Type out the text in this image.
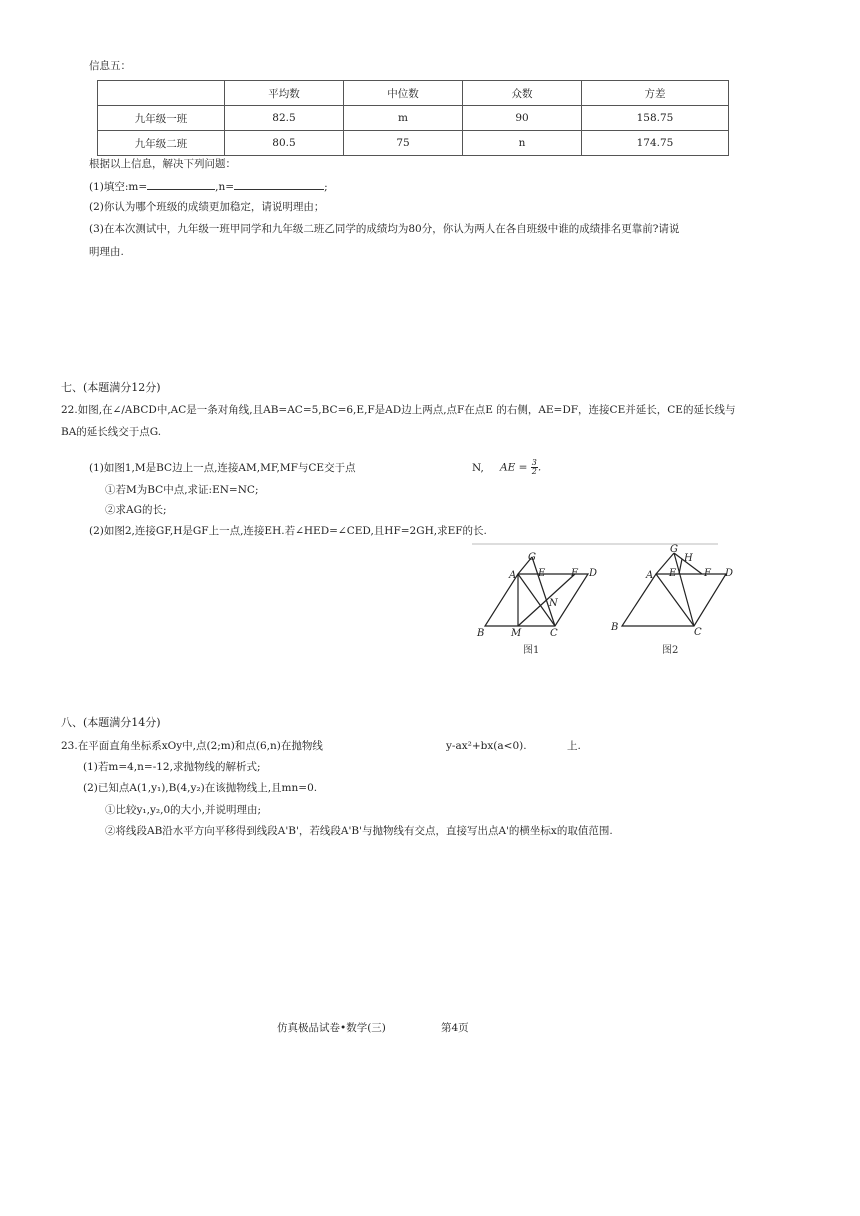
信息五：
	平均数	中位数	众数	方差
九年级一班	82.5	m	90	158.75
九年级二班	80.5	75	n	174.75
根据以上信息，解决下列问题：
(1)填空:m=	,n=	;
(2)你认为哪个班级的成绩更加稳定，请说明理由；
(3)在本次测试中，九年级一班甲同学和九年级二班乙同学的成绩均为80分，你认为两人在各自班级中谁的成绩排名更靠前?请说
明理由.
七、(本题满分12分)
22.如图,在∠/ABCD中,AC是一条对角线,且AB=AC=5,BC=6,E,F是AD边上两点,点F在点E 的右侧，AE=DF，连接CE并延长，CE的延长线与
BA的延长线交于点G.
(1)如图1,M是BC边上一点,连接AM,MF,MF与CE交于点	N, AE = $\frac{3}{2}$ .
①若M为BC中点,求证:EN=NC;
②求AG的长;
(2)如图2,连接GF,H是GF上一点,连接EH.若∠HED=∠CED,且HF=2GH,求EF的长.
G
A E	F D
N
B	M	C
图1
G
H
A E	F D
B	C
图2
八、(本题满分14分)
23.在平面直角坐标系xOy中,点(2;m)和点(6,n)在抛物线	y-ax²+bx(a<0).	上.
(1)若m=4,n=-12,求抛物线的解析式;
(2)已知点A(1,y₁),B(4,y₂)在该抛物线上,且mn=0.
①比较y₁,y₂,0的大小,并说明理由;
②将线段AB沿水平方向平移得到线段A'B'，若线段A'B'与抛物线有交点，直接写出点A'的横坐标x的取值范围.
仿真极品试卷•数学(三)	第4页
